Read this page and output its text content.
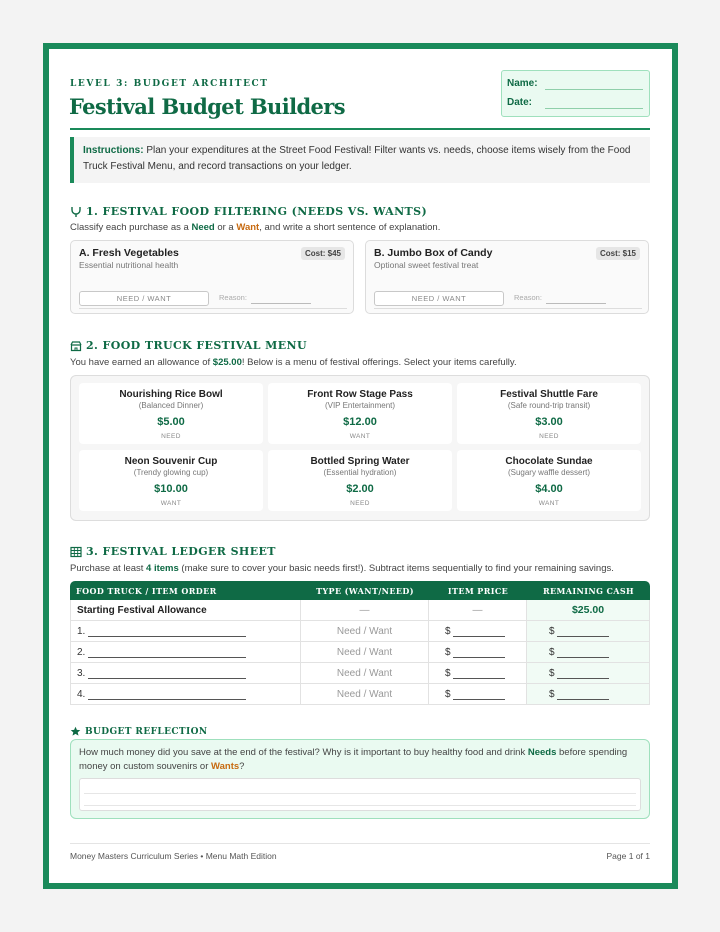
LEVEL 3: BUDGET ARCHITECT
Festival Budget Builders
Name:
Date:
Instructions: Plan your expenditures at the Street Food Festival! Filter wants vs. needs, choose items wisely from the Food Truck Festival Menu, and record transactions on your ledger.
1. FESTIVAL FOOD FILTERING (NEEDS VS. WANTS)
Classify each purchase as a Need or a Want, and write a short sentence of explanation.
A. Fresh Vegetables
Essential nutritional health
Cost: $45
NEED / WANT	Reason:
B. Jumbo Box of Candy
Optional sweet festival treat
Cost: $15
NEED / WANT	Reason:
2. FOOD TRUCK FESTIVAL MENU
You have earned an allowance of $25.00! Below is a menu of festival offerings. Select your items carefully.
Nourishing Rice Bowl
(Balanced Dinner)
$5.00
NEED
Front Row Stage Pass
(VIP Entertainment)
$12.00
WANT
Festival Shuttle Fare
(Safe round-trip transit)
$3.00
NEED
Neon Souvenir Cup
(Trendy glowing cup)
$10.00
WANT
Bottled Spring Water
(Essential hydration)
$2.00
NEED
Chocolate Sundae
(Sugary waffle dessert)
$4.00
WANT
3. FESTIVAL LEDGER SHEET
Purchase at least 4 items (make sure to cover your basic needs first!). Subtract items sequentially to find your remaining savings.
FOOD TRUCK / ITEM ORDER	TYPE (WANT/NEED)	ITEM PRICE	REMAINING CASH
Starting Festival Allowance	—	—	$25.00
1.	Need / Want	$	$
2.	Need / Want	$	$
3.	Need / Want	$	$
4.	Need / Want	$	$
BUDGET REFLECTION
How much money did you save at the end of the festival? Why is it important to buy healthy food and drink Needs before spending money on custom souvenirs or Wants?
Money Masters Curriculum Series • Menu Math Edition	Page 1 of 1
